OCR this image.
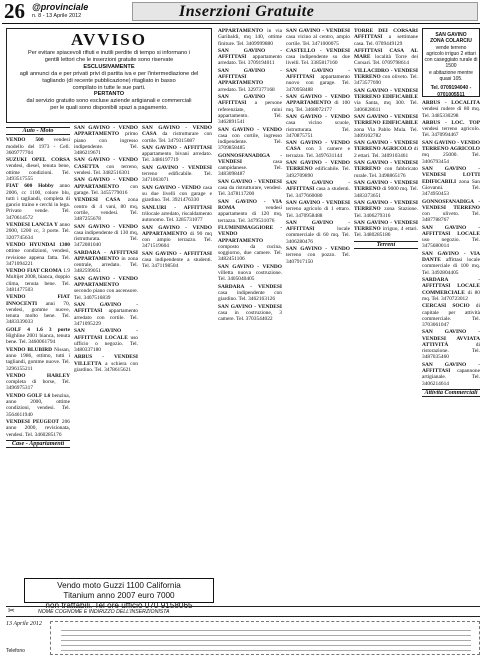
26 @provinciale
n. 8 - 13 Aprile 2012	Inserzioni Gratuite
AVVISO
Per evitare spiacevoli rifiuti e inutili perdite di tempo si informano i
gentili lettori che le inserzioni gratuite sono riservate
ESCLUSIVAMENTE
agli annunci da e per privati privi di partita iva e per l'intermediazione del
tagliando (di recente pubblicazione) ritagliato in basso
compilato in tutte le sue parti.
PERTANTO
dal servizio gratuito sono escluse aziende artigianali e commerciali
per le quali sono disponibili spazi a pagamento.
SAN GAVINO
ZONA COLARCIU
vende terreno
agricolo irriguo 2 ettari
con caseggiato rurale di 1500
e abitazione mentre quasi 105.
Tel. 0709194040 - 0701005511
Auto - Moto
VENDO 500 vendesi modello del 1973 - Cell. 3609777704
SUZUKI OPEL CORSA vendesi, diesel, tenuta bene, ottime condizioni. Tel. 3493517555
FIAT 600 Hobby anno 2006, cc 1100, colore blu, tutti i tagliandi, completa di gancio traino e cerchi in lega. Privato vende. Tel. 3470614572
VENDESI LANCIA Y anno 2000, 1200 cc, 3 porte. Tel. 3207745634
VENDO HYUNDAI 1300 ottime condizioni, vendesi, revisione appena fatta. Tel. 3471094221
VENDO FIAT CROMA 1.9 Multijet 2008, bianca, doppio clima, tenuta bene. Tel. 3481477503
VENDO FIAT INNOCENTI anni 70, vendesi, gomme nuove, tenuta molto bene. Tel. 3483339033
GOLF 4 1.6 3 porte Highline 2001 bianca, tenuta bene. Tel. 3460061794
VENDO BLUBIRD Nissan, anno 1986, ottimo, tutti i tagliandi, gomme nuove. Tel. 3296155211
VENDO HARLEY completa di borse, Tel. 3496975317
VENDO GOLF 1.6 benzina, anno 2000, ottime condizioni, vendesi. Tel. 3564611940
VENDESI PEUGEOT 206 anno 2000, revisionata, vendesi. Tel. 3460285176
Case - Appartamenti
SAN GAVINO - VENDO APPARTAMENTO primo piano con ingresso indipendente. Tel. 3486219671
SAN GAVINO - VENDO CASETTA con terreno, vendesi. Tel. 3482516301
SAN GAVINO - VENDO APPARTAMENTO con garage. Tel. 3455779016
VENDESI CASA zona centro di 4 vani, 80 mq, cortile, vendesi. Tel. 3487255678
SAN GAVINO - VENDO casa indipendente di 130 mq, ristrutturata. Tel. 3472081040
SARDARA - AFFITTASI APPARTAMENTO in zona centrale, arredato. Tel. 3482599051
SAN GAVINO - VENDO APPARTAMENTO secondo piano con ascensore. Tel. 3407516839
SAN GAVINO - AFFITTASI appartamento arredato con cortile. Tel. 3471095229
SAN GAVINO - AFFITTASI LOCALE uso ufficio o negozio. Tel. 3480337180
ARBUS - VENDESI VILLETTA a schiera con giardino. Tel. 3478615621
SAN GAVINO - VENDO CASA da ristrutturare con cortile. Tel. 3479315087
SAN GAVINO - AFFITTASI appartamento bivani arredato. Tel. 3486197719
SAN GAVINO - VENDESI terreno edificabile. Tel. 3471063071
SAN GAVINO - VENDO casa su due livelli con garage e giardino. Tel. 3921476330
SANLURI - AFFITTASI trilocale arredato, riscaldamento autonomo. Tel. 3285731077
SAN GAVINO - VENDO APPARTAMENTO di 90 mq con ampio terrazzo. Tel. 3471519604
SAN GAVINO - AFFITTASI casa indipendente a studenti. Tel. 3471198504
APPARTAMENTO in via Garibaldi, mq 140, ottime finiture. Tel. 3409999880
SAN GAVINO - AFFITTASI appartamento arredato. Tel. 3709194011
SAN GAVINO - AFFITTASI APPARTAMENTO arredato. Tel. 3297377168
SAN GAVINO - AFFITTASI a persone referenziate, mini appartamento. Tel. 3462891541
SAN GAVINO - VENDO casa con cortile, ingresso indipendente. Tel. 3709858485
GONNOSFANADIGA - VENDESI	casa campidanese. Tel. 3483098487
SAN GAVINO - VENDESI casa da ristrutturare, vendesi. Tel. 3478117200
SAN GAVINO - VIA ROMA	vendesi appartamento di 120 mq, terrazzo. Tel. 3479531076
FLUMINIMAGGIORE - VENDO APPARTAMENTO composto da cucina, soggiorno, due camere. Tel. 3482451106
SAN GAVINO - VENDO villetta nuova costruzione. Tel. 3405040405
SARDARA - VENDESI casa indipendente con giardino. Tel. 3462163126
SAN GAVINO - VENDESI casa in costruzione, 3 camere. Tel. 3703544022
SAN GAVINO - VENDESI casa vicino al centro, ampio cortile. Tel. 3471000075
CASTELLO - VENDESI casa indipendente su due livelli. Tel. 3385817160
SAN GAVINO - AFFITTASI appartamento nuovo con garage. Tel. 3470958488
SAN GAVINO - VENDO APPARTAMENTO di 100 mq. Tel. 3468072177
SAN GAVINO - VENDO casa vicino scuole, ristrutturata. Tel. 3470875751
SAN GAVINO - VENDO CASA con 3 camere e terrazzo. Tel. 3497631144
SAN GAVINO - VENDO TERRENO edificabile. Tel. 3492709890
SAN GAVINO - AFFITTASI casa a studenti. Tel. 3477660080
SAN GAVINO - VENDESI terreno agricolo di 1 ettaro. Tel. 3470958488
SAN GAVINO - AFFITTASI	locale commerciale di 60 mq. Tel. 3406280476
SAN GAVINO - VENDO terreno con pozzo. Tel. 3407917150
TORRE DEI CORSARI AFFITTASI a settimane casa. Tel. 0709449129
AFFITTASI CASA AL MARE località Torre dei Corsari. Tel. 0709798614
VILLACIDRO - VENDESI TERRENO con oliveto. Tel. 3473577690
SAN GAVINO - VENDESI TERRENO EDIFICABILE via Santa, mq 300. Tel. 3406828611
SAN GAVINO - VENDESI TERRENO EDIFICABILE zona Via Pablo Mula. Tel. 3409102782
SAN GAVINO - VENDESI TERRENO AGRICOLO di 2 ettari. Tel. 3409103461
SAN GAVINO - VENDESI TERRENO con fabbricato rurale. Tel. 3498865176
SAN GAVINO - VENDESI TERRENO di 9000 mq. Tel. 3483373651
SAN GAVINO - VENDESI TERRENO zona Stazione. Tel. 3406279316
SAN GAVINO - VENDESI TERRENO irriguo, 4 ettari. Tel. 3480285186
Terreni
ARBUS - LOCALITÀ vendesi rudere di 80 mq. Tel. 3485330298
ARBUS - LOC. TOP vendesi terreno agricolo. Tel. 3470994467
SAN GAVINO - VENDO TERRENO AGRICOLO mq 25000. Tel. 3406793454
SAN GAVINO - VENDESI LOTTI EDIFICABILI zona San Giovanni. Tel. 3474950453
GONNOSFANADIGA - VENDESI TERRENO con uliveto. Tel. 3487788767
SAN GAVINO - AFFITTASI LOCALE uso negozio. Tel. 3475680014
SAN GAVINO - VIA DANTE affittasi locale commerciale di 100 mq. Tel. 3492804405
SARDARA - AFFITTASI LOCALE COMMERCIALE di 80 mq. Tel. 3470723012
CERCASI SOCIO di capitale per attività commerciale. Tel. 3703061047
SAN GAVINO - VENDESI AVVIATA ATTIVITÀ	di ristorazione. Tel. 3487035460
SAN GAVINO - AFFITTASI capannone artigianale. Tel. 3406214614
Attività Commerciali
Vendo moto Guzzi 1100 California
Titanium anno 2007 euro 7000
non trattabili. Tel ore ufficio 070 9158065
NOME COGNOME E INDIRIZZO DELL'INSERZIONISTA
✂
13 Aprile 2012
Telefono
